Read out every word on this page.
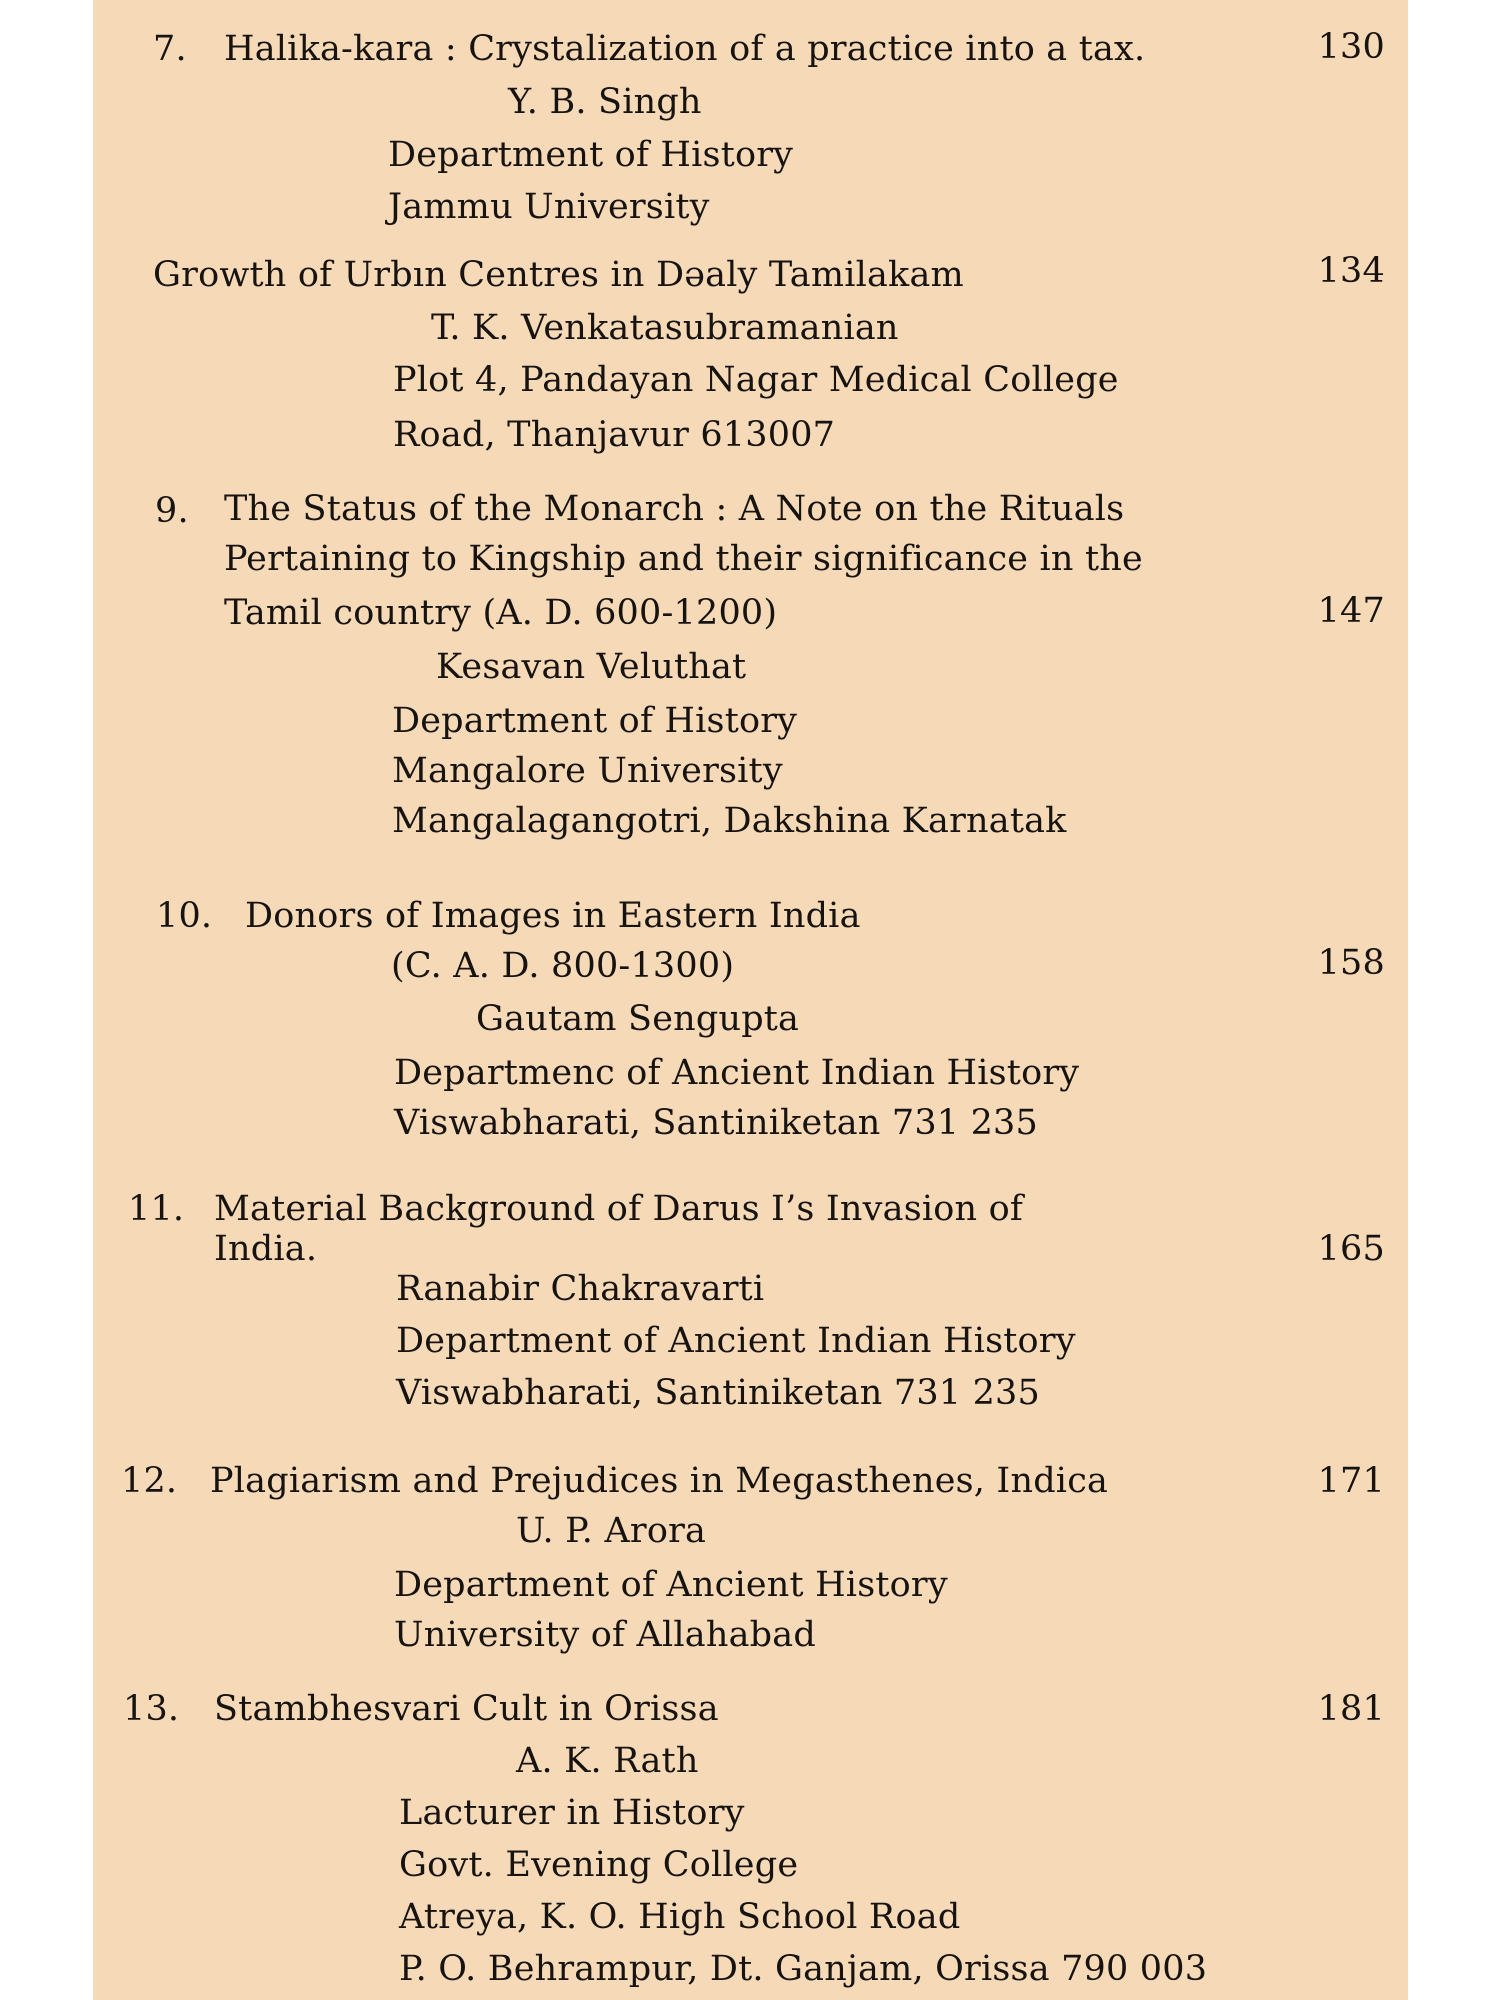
7. Halika-kara : Crystalization of a practice into a tax.	130
Y. B. Singh
Department of History
Jammu University
Growth of Urbın Centres in Dəaly Tamilakam	134
T. K. Venkatasubramanian
Plot 4, Pandayan Nagar Medical College
Road, Thanjavur 613007
9. The Status of the Monarch : A Note on the Rituals
Pertaining to Kingship and their significance in the
Tamil country (A. D. 600-1200)	147
Kesavan Veluthat
Department of History
Mangalore University
Mangalagangotri, Dakshina Karnatak
10. Donors of Images in Eastern India
(C. A. D. 800-1300)	158
Gautam Sengupta
Departmenc of Ancient Indian History
Viswabharati, Santiniketan 731 235
11. Material Background of Darus I’s Invasion of
India.	165
Ranabir Chakravarti
Department of Ancient Indian History
Viswabharati, Santiniketan 731 235
12. Plagiarism and Prejudices in Megasthenes, Indica	171
U. P. Arora
Department of Ancient History
University of Allahabad
13. Stambhesvari Cult in Orissa	181
A. K. Rath
Lacturer in History
Govt. Evening College
Atreya, K. O. High School Road
P. O. Behrampur, Dt. Ganjam, Orissa 790 003
